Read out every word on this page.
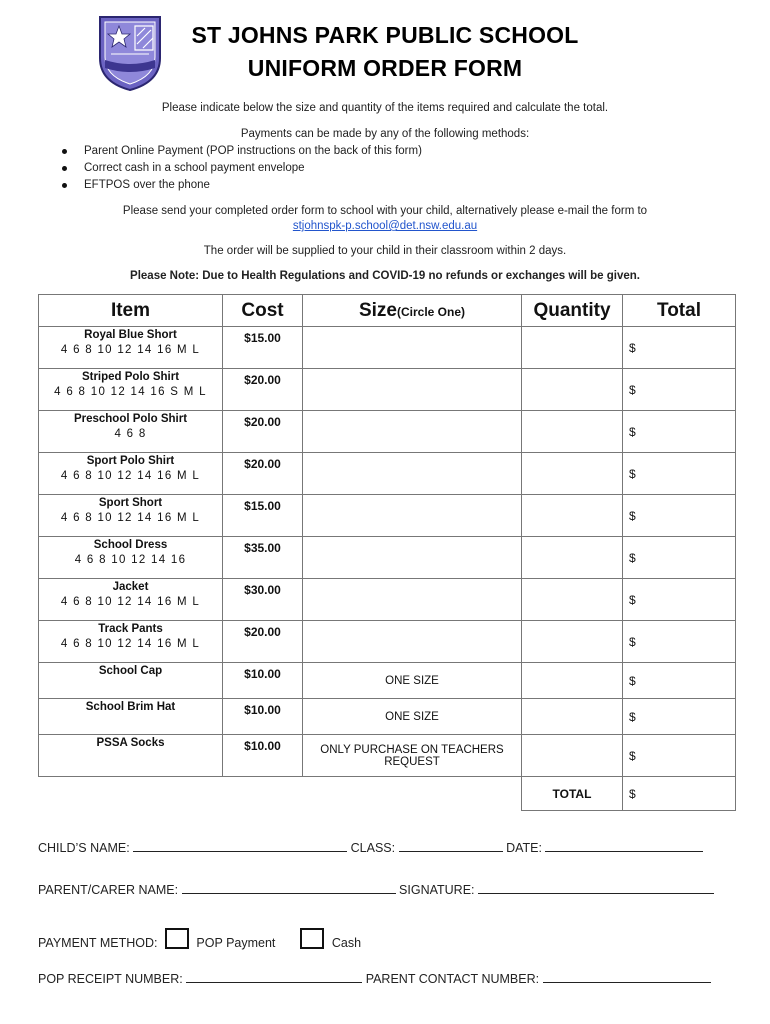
ST JOHNS PARK PUBLIC SCHOOL
UNIFORM ORDER FORM
Please indicate below the size and quantity of the items required and calculate the total.
Payments can be made by any of the following methods:
Parent Online Payment (POP instructions on the back of this form)
Correct cash in a school payment envelope
EFTPOS over the phone
Please send your completed order form to school with your child, alternatively please e-mail the form to
stjohnspk-p.school@det.nsw.edu.au
The order will be supplied to your child in their classroom within 2 days.
Please Note: Due to Health Regulations and COVID-19 no refunds or exchanges will be given.
Item	Cost	Size(Circle One)	Quantity	Total

Royal Blue Short
4 6 8 10 12 14 16 M L	$15.00			$

Striped Polo Shirt
4 6 8 10 12 14 16 S M L	$20.00			$

Preschool Polo Shirt
4 6 8	$20.00			$

Sport Polo Shirt
4 6 8 10 12 14 16 M L	$20.00			$

Sport Short
4 6 8 10 12 14 16 M L	$15.00			$

School Dress
4 6 8 10 12 14 16	$35.00			$

Jacket
4 6 8 10 12 14 16 M L	$30.00			$

Track Pants
4 6 8 10 12 14 16 M L	$20.00			$

School Cap	$10.00	ONE SIZE		$

School Brim Hat	$10.00	ONE SIZE		$

PSSA Socks	$10.00	ONLY PURCHASE ON TEACHERS REQUEST		$
			TOTAL	$
CHILD’S NAME:	CLASS:	DATE:
PARENT/CARER NAME:	SIGNATURE:
PAYMENT METHOD:	POP Payment	Cash
POP RECEIPT NUMBER:	PARENT CONTACT NUMBER:
